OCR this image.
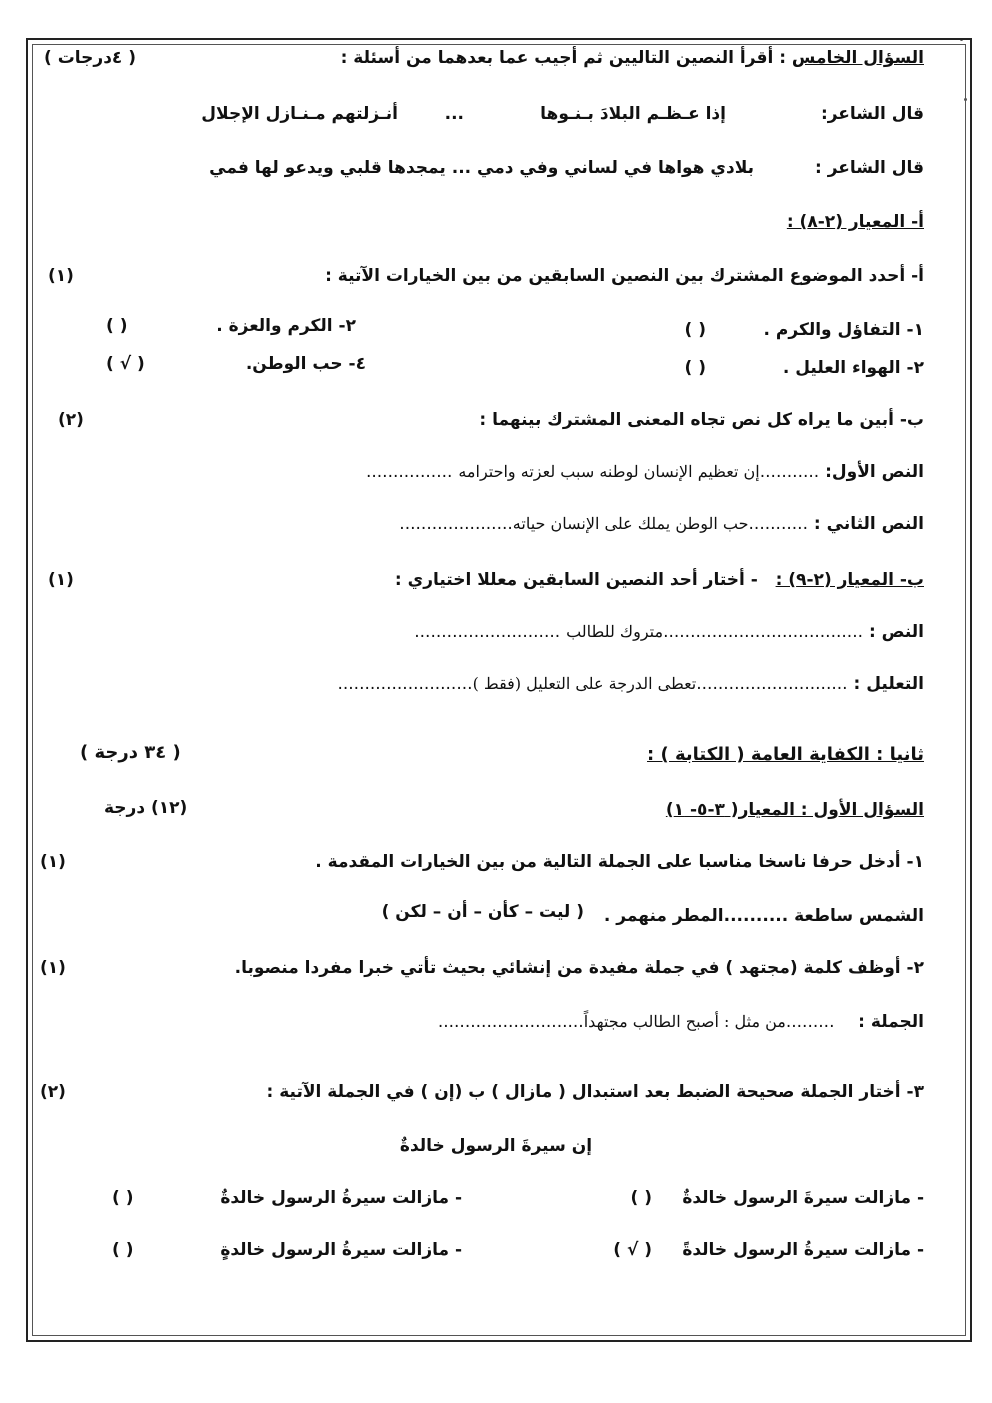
السؤال الخامس : أقرأ النصين التاليين ثم أجيب عما بعدهما من أسئلة :
( ٤درجات )
قال الشاعر:
إذا عـظـم البلادَ بـنـوها
...
أنـزلتهم مـنـازل الإجلال
قال الشاعر :
بلادي هواها في لساني وفي دمي ... يمجدها قلبي ويدعو لها فمي
أ- المعيار (٢-٨) :
أ- أحدد الموضوع المشترك بين النصين السابقين من بين الخيارات الآتية :
(١)
١- التفاؤل والكرم .
( )
٢- الكرم والعزة .
( )
٢- الهواء العليل .
( )
٤- حب الوطن.
( √ )
ب- أبين ما يراه كل نص تجاه المعنى المشترك بينهما :
(٢)
النص الأول: ...........إن تعظيم الإنسان لوطنه سبب لعزته واحترامه ................
النص الثاني : ...........حب الوطن يملك على الإنسان حياته.....................
ب- المعيار (٢-٩) :   - أختار أحد النصين السابقين معللا اختياري :
(١)
النص : .....................................متروك للطالب ...........................
التعليل : ............................تعطى الدرجة على التعليل (فقط ).........................
ثانيا : الكفاية العامة ( الكتابة ) :
( ٣٤ درجة )
السؤال الأول : المعيار( ٣-٥- ١)
(١٢) درجة
١- أدخل حرفا ناسخا مناسبا على الجملة التالية من بين الخيارات المقدمة .
(١)
الشمس ساطعة ..........المطر منهمر .
( ليت – كأن – أن – لكن )
٢- أوظف كلمة (مجتهد ) في جملة مفيدة من إنشائي بحيث تأتي خبرا مفردا منصوبا.
(١)
الجملة :    .........من مثل : أصبح الطالب مجتهداً...........................
٣- أختار الجملة صحيحة الضبط بعد استبدال ( مازال ) ب (إن ) في الجملة الآتية :
(٢)
إن سيرةَ الرسول خالدةٌ
- مازالت سيرةَ الرسول خالدةٌ
( )
- مازالت سيرةُ الرسول خالدةٌ
( )
- مازالت سيرةُ الرسول خالدةً
( √ )
- مازالت سيرةُ الرسول خالدةٍ
( )
